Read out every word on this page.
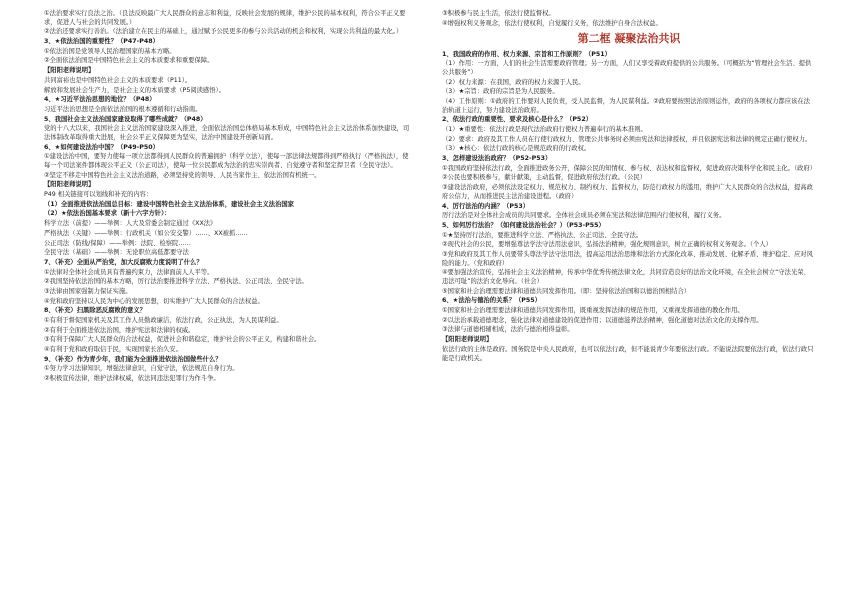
①法治要求实行良法之治。（良法反映最广大人民群众的意志和利益，反映社会发展的规律，维护公民的基本权利，符合公平正义要求，促进人与社会的共同发展。）

②法治还要求实行善治。（法治建立在民主的基础上，通过赋予公民更多的参与公共活动的机会和权利，实现公共利益的最大化。）

3、★依法治国的重要性？（P47-P48）

①依法治国是党领导人民治理国家的基本方略。

②全面依法治国是中国特色社会主义的本质要求和重要保障。

【阳阳老师说明】

共同富裕也是中国特色社会主义的本质要求（P11）。

解放和发展社会生产力，是社会主义的本质要求（P5阅读感悟）。

4、★习近平法治思想的地位？（P48）

习近平法治思想是全面依法治国的根本遵循和行动指南。

5、我国社会主义法治国家建设取得了哪些成就？（P48）

党的十八大以来，我国社会主义法治国家建设深入推进，全面依法治国总体格局基本形成，中国特色社会主义法治体系加快建设，司法体制改革取得重大进展，社会公平正义保障更为坚实，法治中国建设开创新局面。

6、★如何建设法治中国？（P49-P50）

①建设法治中国，要努力使每一项立法都得到人民群众的普遍拥护（科学立法），使每一部法律法规都得到严格执行（严格执法），使每一个司法案件都体现公平正义（公正司法），使每一位公民都成为法治的忠实崇尚者、自觉遵守者和坚定捍卫者（全民守法）。

②坚定不移走中国特色社会主义法治道路，必须坚持党的领导、人民当家作主、依法治国有机统一。

【阳阳老师说明】

P49 相关链接可以划线和补充的内容：

（1）全面推进依法治国总目标：建设中国特色社会主义法治体系，建设社会主义法治国家

（2）★依法治国基本要求（新十六字方针）：

科学立法（前提）——举例：人大及常委会制定通过《XX法》

严格执法（关键）——举例：行政机关（如公安交警）……、XX被抓……

公正司法（防线/保障）——举例：法院、检察院……

全民守法（基础）——举例：无论职位高低都要守法

7、（补充）全面从严治党，加大反腐败力度说明了什么？

①法律对全体社会成员具有普遍约束力，法律面前人人平等。

②我国坚持依法治国的基本方略，厉行法治要推进科学立法、严格执法、公正司法、全民守法。

③法律由国家强制力保证实施。

④党和政府坚持以人民为中心的发展思想，切实维护广大人民群众的合法权益。

8、（补充）扫黑除恶反腐败的意义？

①有利于督促国家机关及其工作人员勤政廉洁，依法行政，公正执法，为人民谋利益。

②有利于全面推进依法治国，维护宪法和法律的权威。

③有利于保障广大人民群众的合法权益，促进社会和谐稳定，维护社会的公平正义，构建和谐社会。

④有利于党和政府取信于民，实现国家长治久安。

9、（补充）作为青少年，我们能为全面推进依法治国做些什么？

①努力学习法律知识，增强法律意识，自觉守法，依法规范自身行为。

②积极宣传法律，维护法律权威，依法同违法犯罪行为作斗争。

③积极参与民主生活，依法行使监督权。

④增强权利义务观念，依法行使权利，自觉履行义务，依法维护自身合法权益。

第二框 凝聚法治共识

1、我国政府的作用、权力来源、宗旨和工作原则？（P51）

（1）作用：一方面，人们的社会生活需要政府管理；另一方面，人们又享受着政府提供的公共服务。（可概括为“管理社会生活、提供公共服务”）

（2）权力来源：在我国，政府的权力来源于人民。

（3）★宗旨：政府的宗旨是为人民服务。

（4）工作原则：①政府的工作要对人民负责，受人民监督，为人民谋利益。②政府要按照法治原则运作，政府的各项权力都应该在法治轨道上运行，努力建设法治政府。

2、依法行政的重要性、要求及核心是什么？（P52）

（1）★重要性：依法行政是现代法治政府行使权力普遍奉行的基本准则。

（2）要求：政府及其工作人员在行使行政权力、管理公共事务时必须由宪法和法律授权，并且依据宪法和法律的规定正确行使权力。

（3）★核心：依法行政的核心是规范政府的行政权。

3、怎样建设法治政府？（P52-P53）

①我国政府坚持依法行政，全面推进政务公开，保障公民的知情权、参与权、表达权和监督权，促进政府决策科学化和民主化。（政府）

②公民也要积极参与，献计献策，主动监督，促进政府依法行政。（公民）

③建设法治政府，必须依法设定权力、规范权力、制约权力、监督权力，防范行政权力的滥用，维护广大人民群众的合法权益，提高政府公信力，从而推进民主法治建设进程。（政府）

4、厉行法治的内涵？（P53）

厉行法治是对全体社会成员的共同要求。全体社会成员必须在宪法和法律范围内行使权利，履行义务。

5、如何厉行法治？（如何建设法治社会？）（P53-P55）

①★坚持厉行法治，要推进科学立法、严格执法、公正司法、全民守法。

②现代社会的公民，要增强尊法学法守法用法意识，弘扬法治精神，强化规则意识，树立正确的权利义务观念。（个人）

③党和政府及其工作人员要带头尊法学法守法用法，提高运用法治思维和法治方式深化改革、推动发展、化解矛盾、维护稳定、应对风险的能力。（党和政府）

④要加强法治宣传，弘扬社会主义法治精神，传承中华优秀传统法律文化，共同营造良好的法治文化环境，在全社会树立“守法光荣、违法可耻”的法治文化导向。（社会）

⑤国家和社会治理需要法律和道德共同发挥作用。（即：坚持依法治国和以德治国相结合）

6、★法治与德治的关系？（P55）

①国家和社会治理需要法律和道德共同发挥作用，既重视发挥法律的规范作用，又重视发挥道德的教化作用。

②以法治承载道德理念，强化法律对道德建设的促进作用；以道德滋养法治精神，强化道德对法治文化的支撑作用。

③法律与道德相辅相成，法治与德治相得益彰。

【阳阳老师说明】

依法行政的主体是政府。国务院是中央人民政府，也可以依法行政，但不能说青少年要依法行政。不能说法院要依法行政，依法行政只能是行政机关。
